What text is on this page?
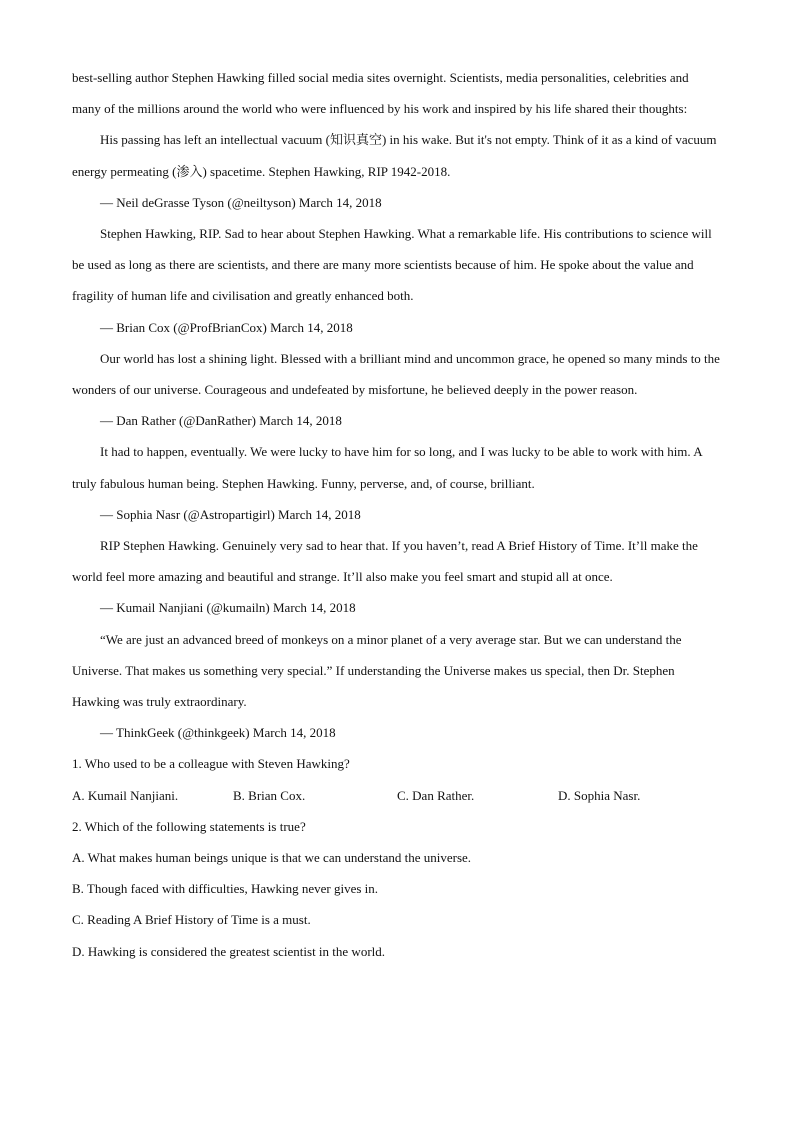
best-selling author Stephen Hawking filled social media sites overnight. Scientists, media personalities, celebrities and many of the millions around the world who were influenced by his work and inspired by his life shared their thoughts:

His passing has left an intellectual vacuum (知识真空) in his wake. But it's not empty. Think of it as a kind of vacuum energy permeating (渗入) spacetime. Stephen Hawking, RIP 1942-2018.

— Neil deGrasse Tyson (@neiltyson) March 14, 2018

Stephen Hawking, RIP. Sad to hear about Stephen Hawking. What a remarkable life. His contributions to science will be used as long as there are scientists, and there are many more scientists because of him. He spoke about the value and fragility of human life and civilisation and greatly enhanced both.

— Brian Cox (@ProfBrianCox) March 14, 2018

Our world has lost a shining light. Blessed with a brilliant mind and uncommon grace, he opened so many minds to the wonders of our universe. Courageous and undefeated by misfortune, he believed deeply in the power reason.

— Dan Rather (@DanRather) March 14, 2018

It had to happen, eventually. We were lucky to have him for so long, and I was lucky to be able to work with him. A truly fabulous human being. Stephen Hawking. Funny, perverse, and, of course, brilliant.

— Sophia Nasr (@Astropartigirl) March 14, 2018

RIP Stephen Hawking. Genuinely very sad to hear that. If you haven’t, read A Brief History of Time. It’ll make the world feel more amazing and beautiful and strange. It’ll also make you feel smart and stupid all at once.

— Kumail Nanjiani (@kumailn) March 14, 2018

“We are just an advanced breed of monkeys on a minor planet of a very average star. But we can understand the Universe. That makes us something very special.” If understanding the Universe makes us special, then Dr. Stephen Hawking was truly extraordinary.

— ThinkGeek (@thinkgeek) March 14, 2018

1. Who used to be a colleague with Steven Hawking?

A. Kumail Nanjiani.	B. Brian Cox.	C. Dan Rather.	D. Sophia Nasr.

2. Which of the following statements is true?

A. What makes human beings unique is that we can understand the universe.

B. Though faced with difficulties, Hawking never gives in.

C. Reading A Brief History of Time is a must.

D. Hawking is considered the greatest scientist in the world.
